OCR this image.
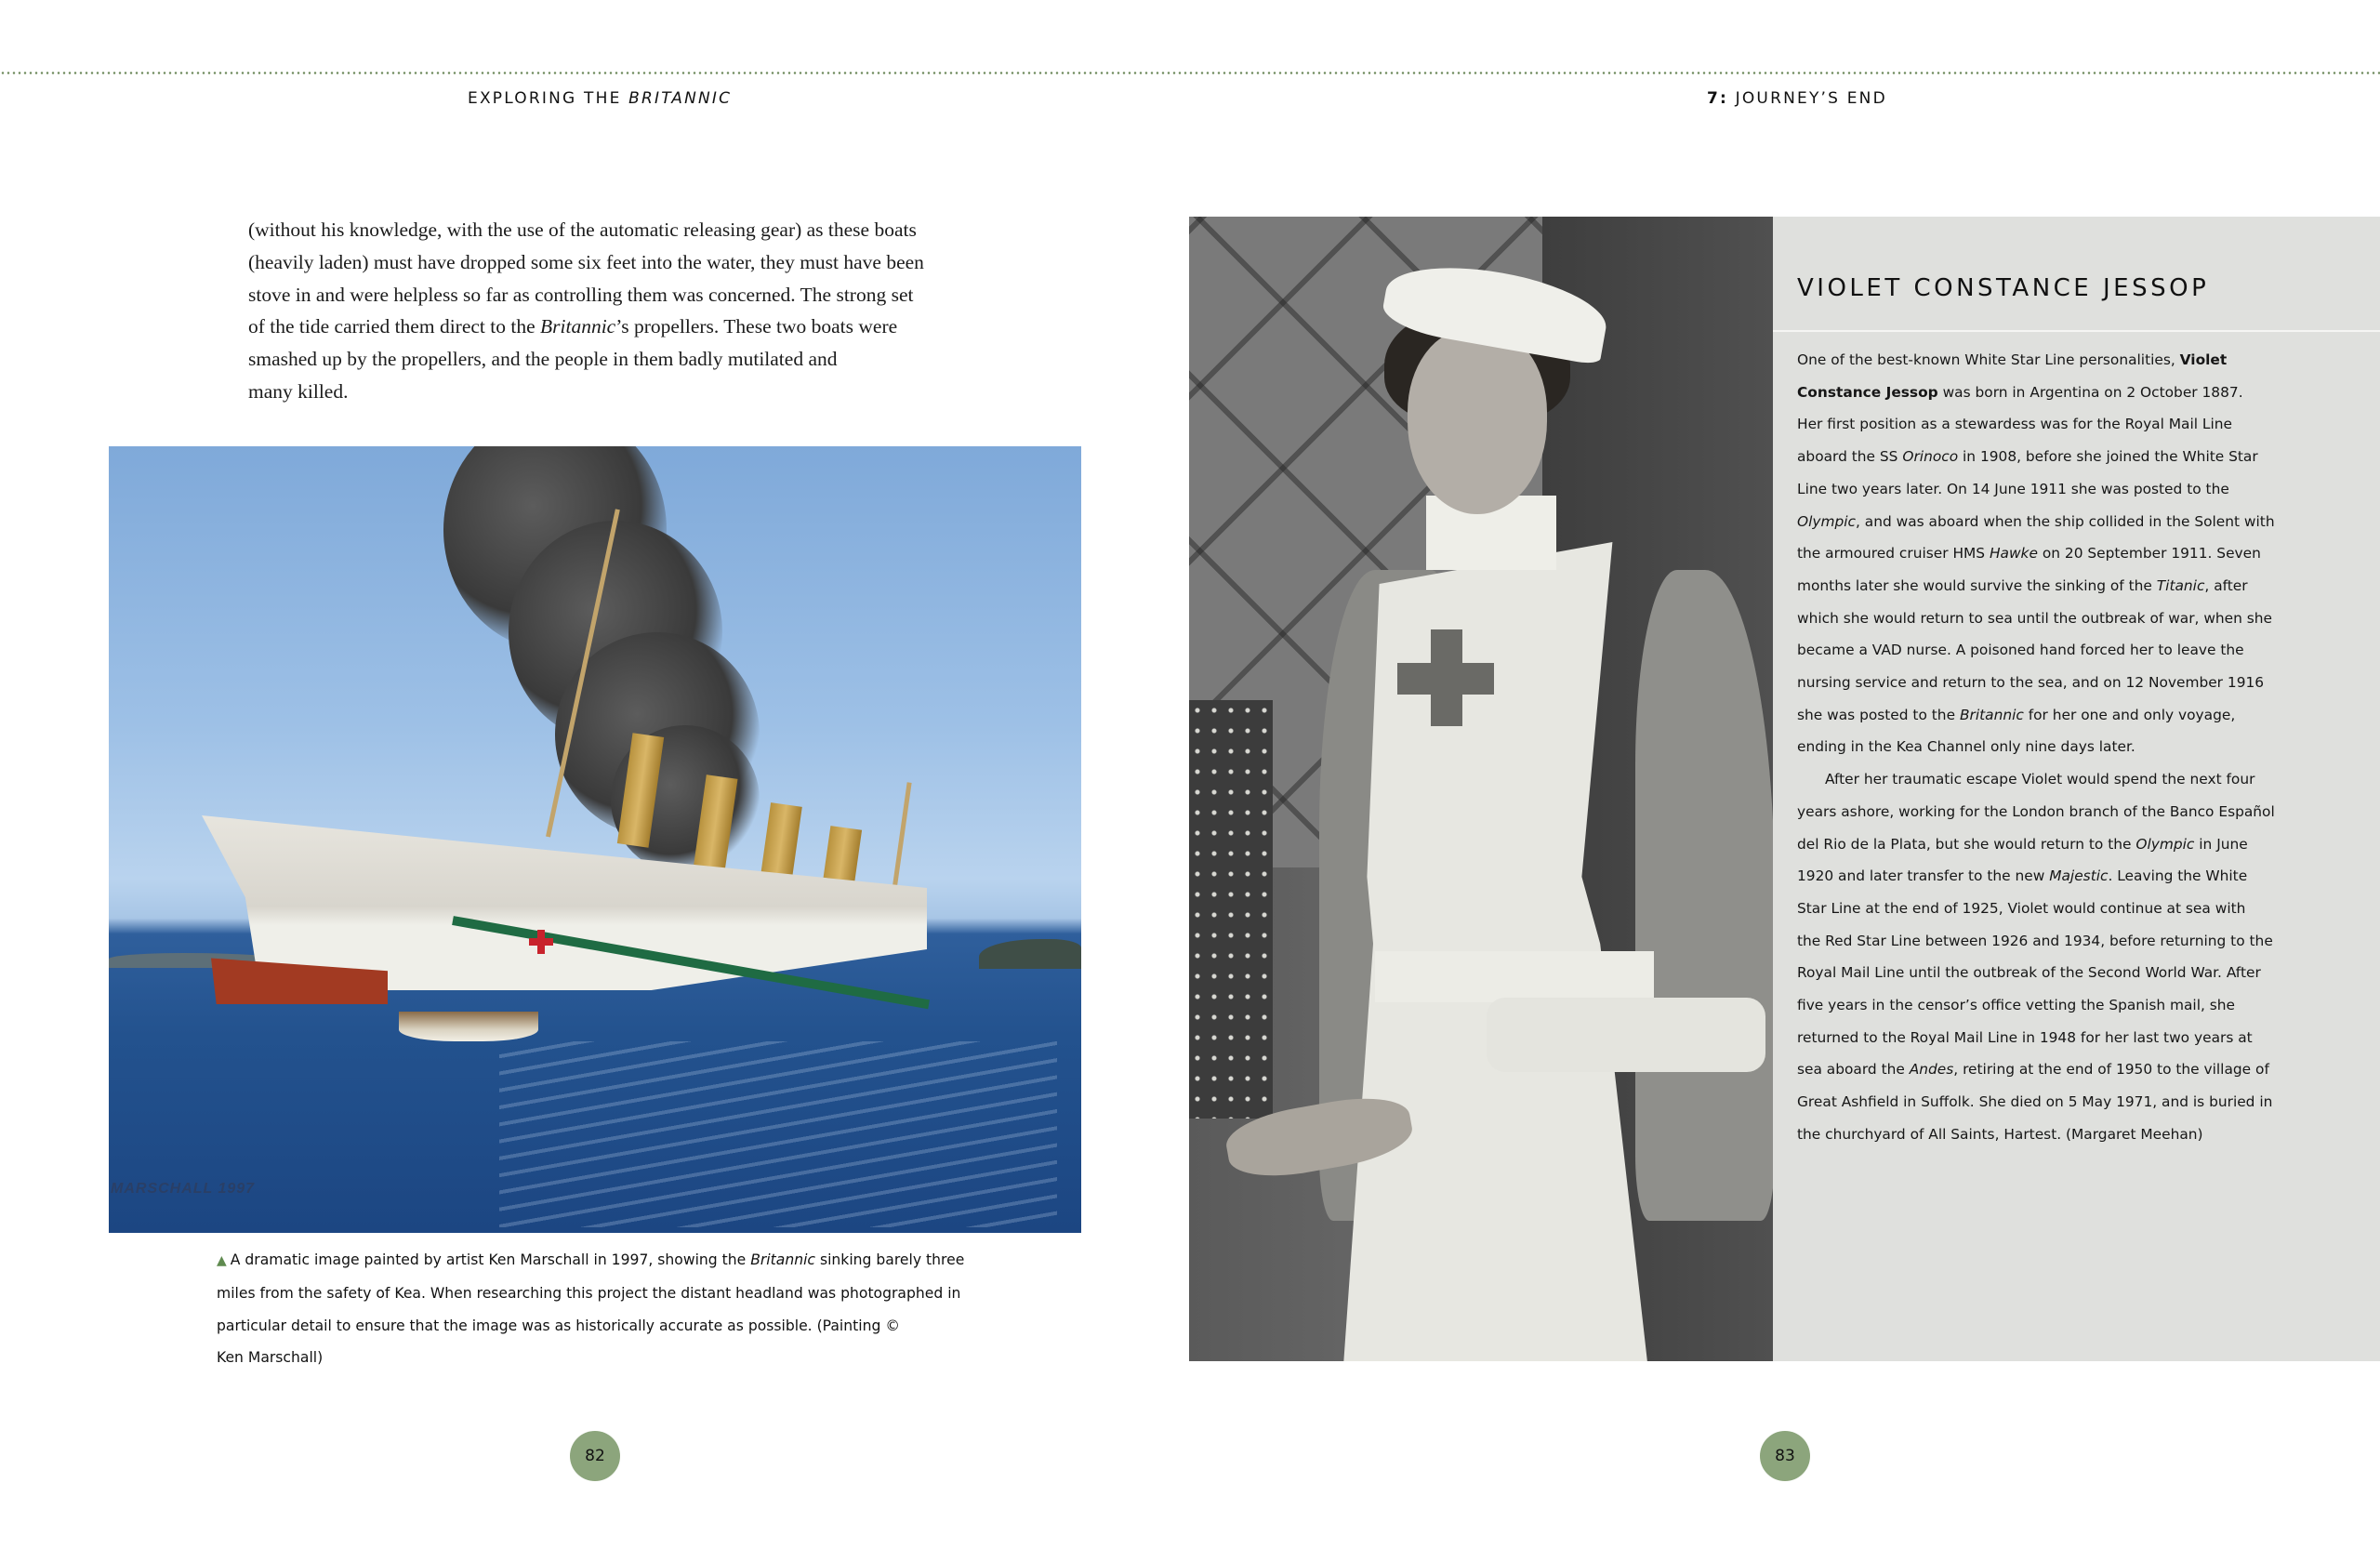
EXPLORING THE BRITANNIC	7: JOURNEY’S END

(without his knowledge, with the use of the automatic releasing gear) as these boats

(heavily laden) must have dropped some six feet into the water, they must have been

stove in and were helpless so far as controlling them was concerned. The strong set

of the tide carried them direct to the Britannic’s propellers. These two boats were

smashed up by the propellers, and the people in them badly mutilated and

many killed.

MARSCHALL 1997
▲ A dramatic image painted by artist Ken Marschall in 1997, showing the Britannic sinking barely three
miles from the safety of Kea. When researching this project the distant headland was photographed in
particular detail to ensure that the image was as historically accurate as possible. (Painting ©
Ken Marschall)
82
VIOLET CONSTANCE JESSOP

One of the best-known White Star Line personalities, Violet

Constance Jessop was born in Argentina on 2 October 1887.

Her first position as a stewardess was for the Royal Mail Line

aboard the SS Orinoco in 1908, before she joined the White Star

Line two years later. On 14 June 1911 she was posted to the

Olympic, and was aboard when the ship collided in the Solent with

the armoured cruiser HMS Hawke on 20 September 1911. Seven

months later she would survive the sinking of the Titanic, after

which she would return to sea until the outbreak of war, when she

became a VAD nurse. A poisoned hand forced her to leave the

nursing service and return to the sea, and on 12 November 1916

she was posted to the Britannic for her one and only voyage,

ending in the Kea Channel only nine days later.

After her traumatic escape Violet would spend the next four

years ashore, working for the London branch of the Banco Español

del Rio de la Plata, but she would return to the Olympic in June

1920 and later transfer to the new Majestic. Leaving the White

Star Line at the end of 1925, Violet would continue at sea with

the Red Star Line between 1926 and 1934, before returning to the

Royal Mail Line until the outbreak of the Second World War. After

five years in the censor’s office vetting the Spanish mail, she

returned to the Royal Mail Line in 1948 for her last two years at

sea aboard the Andes, retiring at the end of 1950 to the village of

Great Ashfield in Suffolk. She died on 5 May 1971, and is buried in

the churchyard of All Saints, Hartest. (Margaret Meehan)

83
